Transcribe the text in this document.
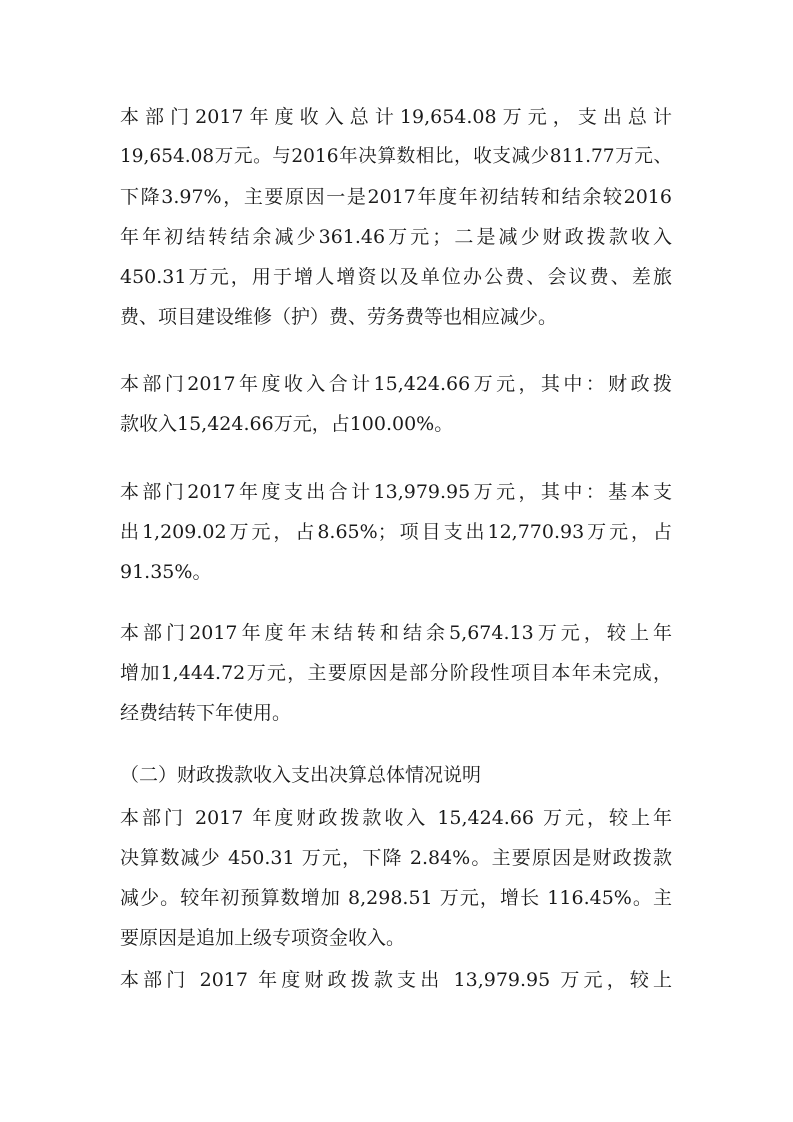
本部门2017年度收入总计19,654.08万元，支出总计
19,654.08万元。与2016年决算数相比，收支减少811.77万元、
下降3.97%，主要原因一是2017年度年初结转和结余较2016
年年初结转结余减少361.46万元；二是减少财政拨款收入
450.31万元，用于增人增资以及单位办公费、会议费、差旅
费、项目建设维修（护）费、劳务费等也相应减少。

本部门2017年度收入合计15,424.66万元，其中：财政拨
款收入15,424.66万元，占100.00%。

本部门2017年度支出合计13,979.95万元，其中：基本支
出1,209.02万元，占8.65%；项目支出12,770.93万元，占
91.35%。

本部门2017年度年末结转和结余5,674.13万元，较上年
增加1,444.72万元，主要原因是部分阶段性项目本年未完成，
经费结转下年使用。

（二）财政拨款收入支出决算总体情况说明

本部门 2017 年度财政拨款收入 15,424.66 万元，较上年
决算数减少 450.31 万元，下降 2.84%。主要原因是财政拨款
减少。较年初预算数增加 8,298.51 万元，增长 116.45%。主
要原因是追加上级专项资金收入。

本部门 2017 年度财政拨款支出 13,979.95 万元，较上
